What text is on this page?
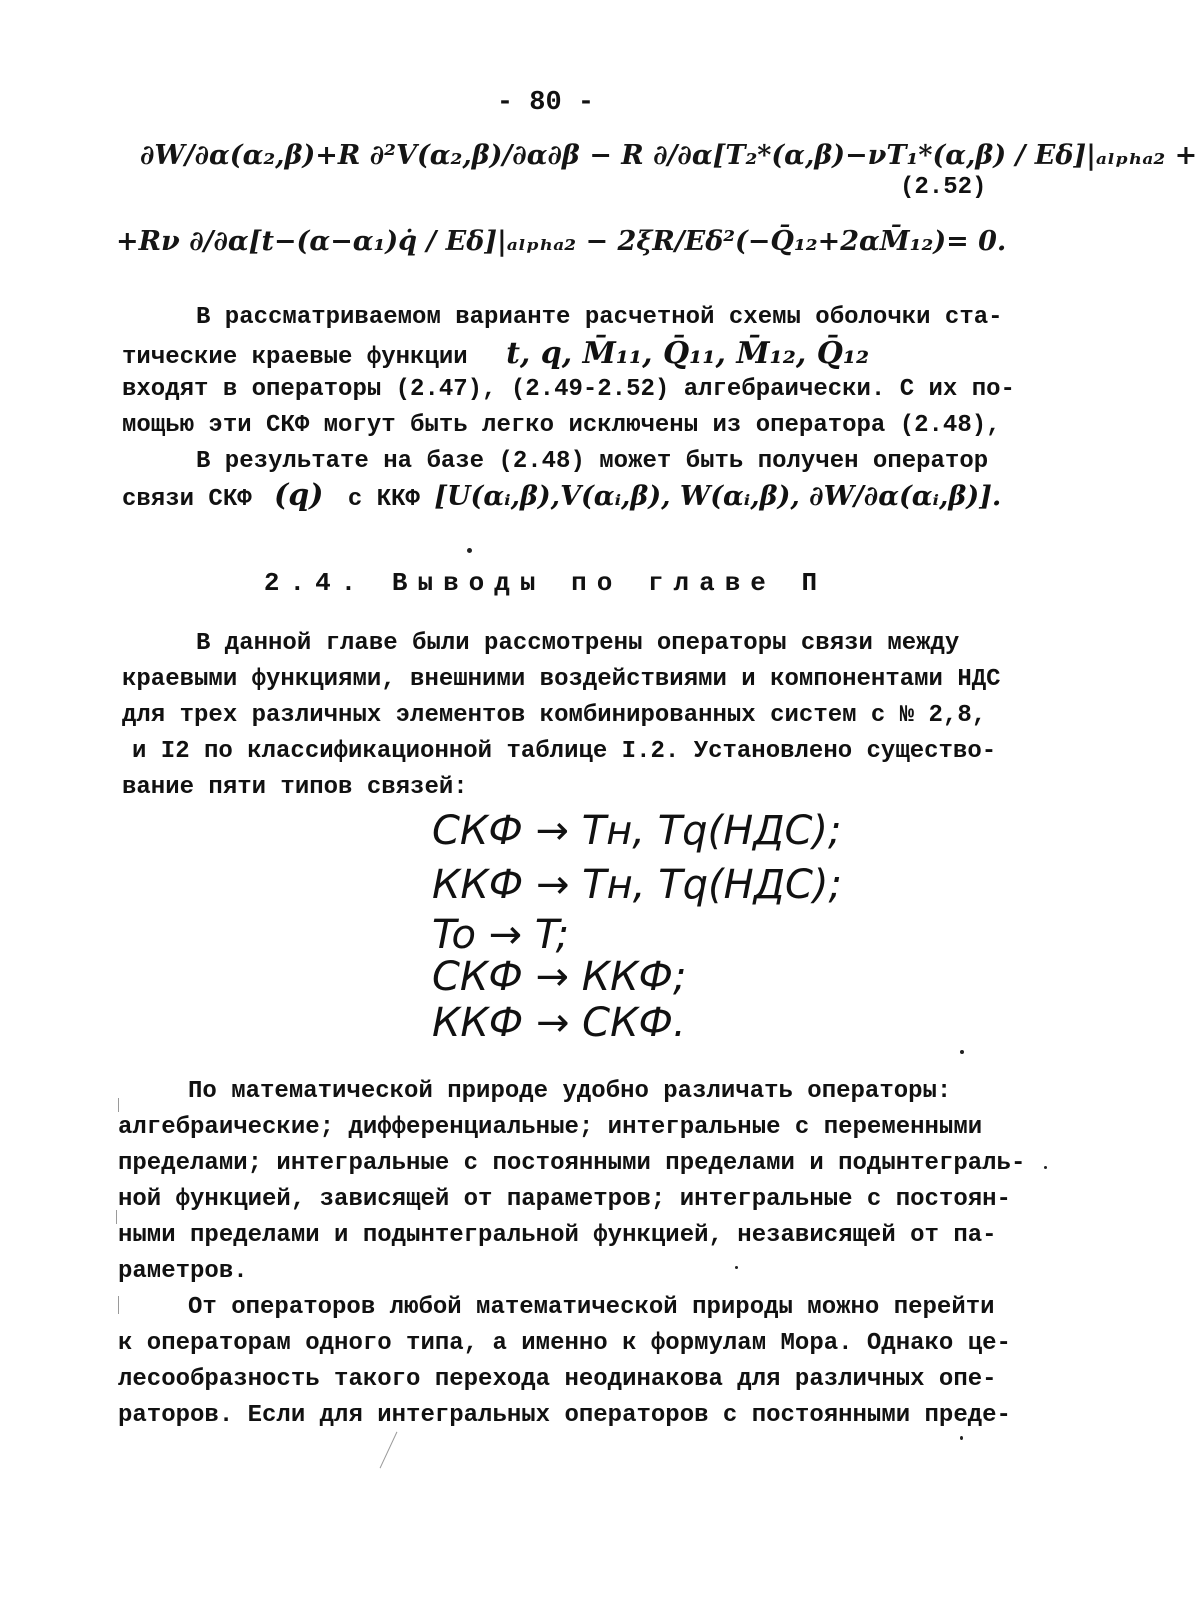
- 80 -
∂W/∂α(α₂,β)+R ∂²V(α₂,β)/∂α∂β − R ∂/∂α[T₂*(α,β)−νT₁*(α,β) / Eδ]|ₐₗₚₕₐ₂ +
(2.52)
+Rν ∂/∂α[t−(α−α₁)q̇ / Eδ]|ₐₗₚₕₐ₂ − 2ξR/Eδ²(−Q̄₁₂+2αM̄₁₂)= 0.
В рассматриваемом варианте расчетной схемы оболочки ста-
тические краевые функции t, q, M̄₁₁, Q̄₁₁, M̄₁₂, Q̄₁₂
входят в операторы (2.47), (2.49-2.52) алгебраически. С их по-
мощью эти СКФ могут быть легко исключены из оператора (2.48),
В результате на базе (2.48) может быть получен оператор
связи СКФ (q) с ККФ [U(αᵢ,β),V(αᵢ,β), W(αᵢ,β), ∂W/∂α(αᵢ,β)].
2.4. Выводы по главе П
В данной главе были рассмотрены операторы связи между
краевыми функциями, внешними воздействиями и компонентами НДС
для трех различных элементов комбинированных систем с № 2,8,
и I2 по классификационной таблице I.2. Установлено существо-
вание пяти типов связей:
СКФ → Tн, Tq(НДС);
ККФ → Tн, Tq(НДС);
To → T;
СКФ → ККФ;
ККФ → СКФ.
По математической природе удобно различать операторы:
алгебраические; дифференциальные; интегральные с переменными
пределами; интегральные с постоянными пределами и подынтеграль-
ной функцией, зависящей от параметров; интегральные с постоян-
ными пределами и подынтегральной функцией, независящей от па-
раметров.
От операторов любой математической природы можно перейти
к операторам одного типа, а именно к формулам Мора. Однако це-
лесообразность такого перехода неодинакова для различных опе-
раторов. Если для интегральных операторов с постоянными преде-
